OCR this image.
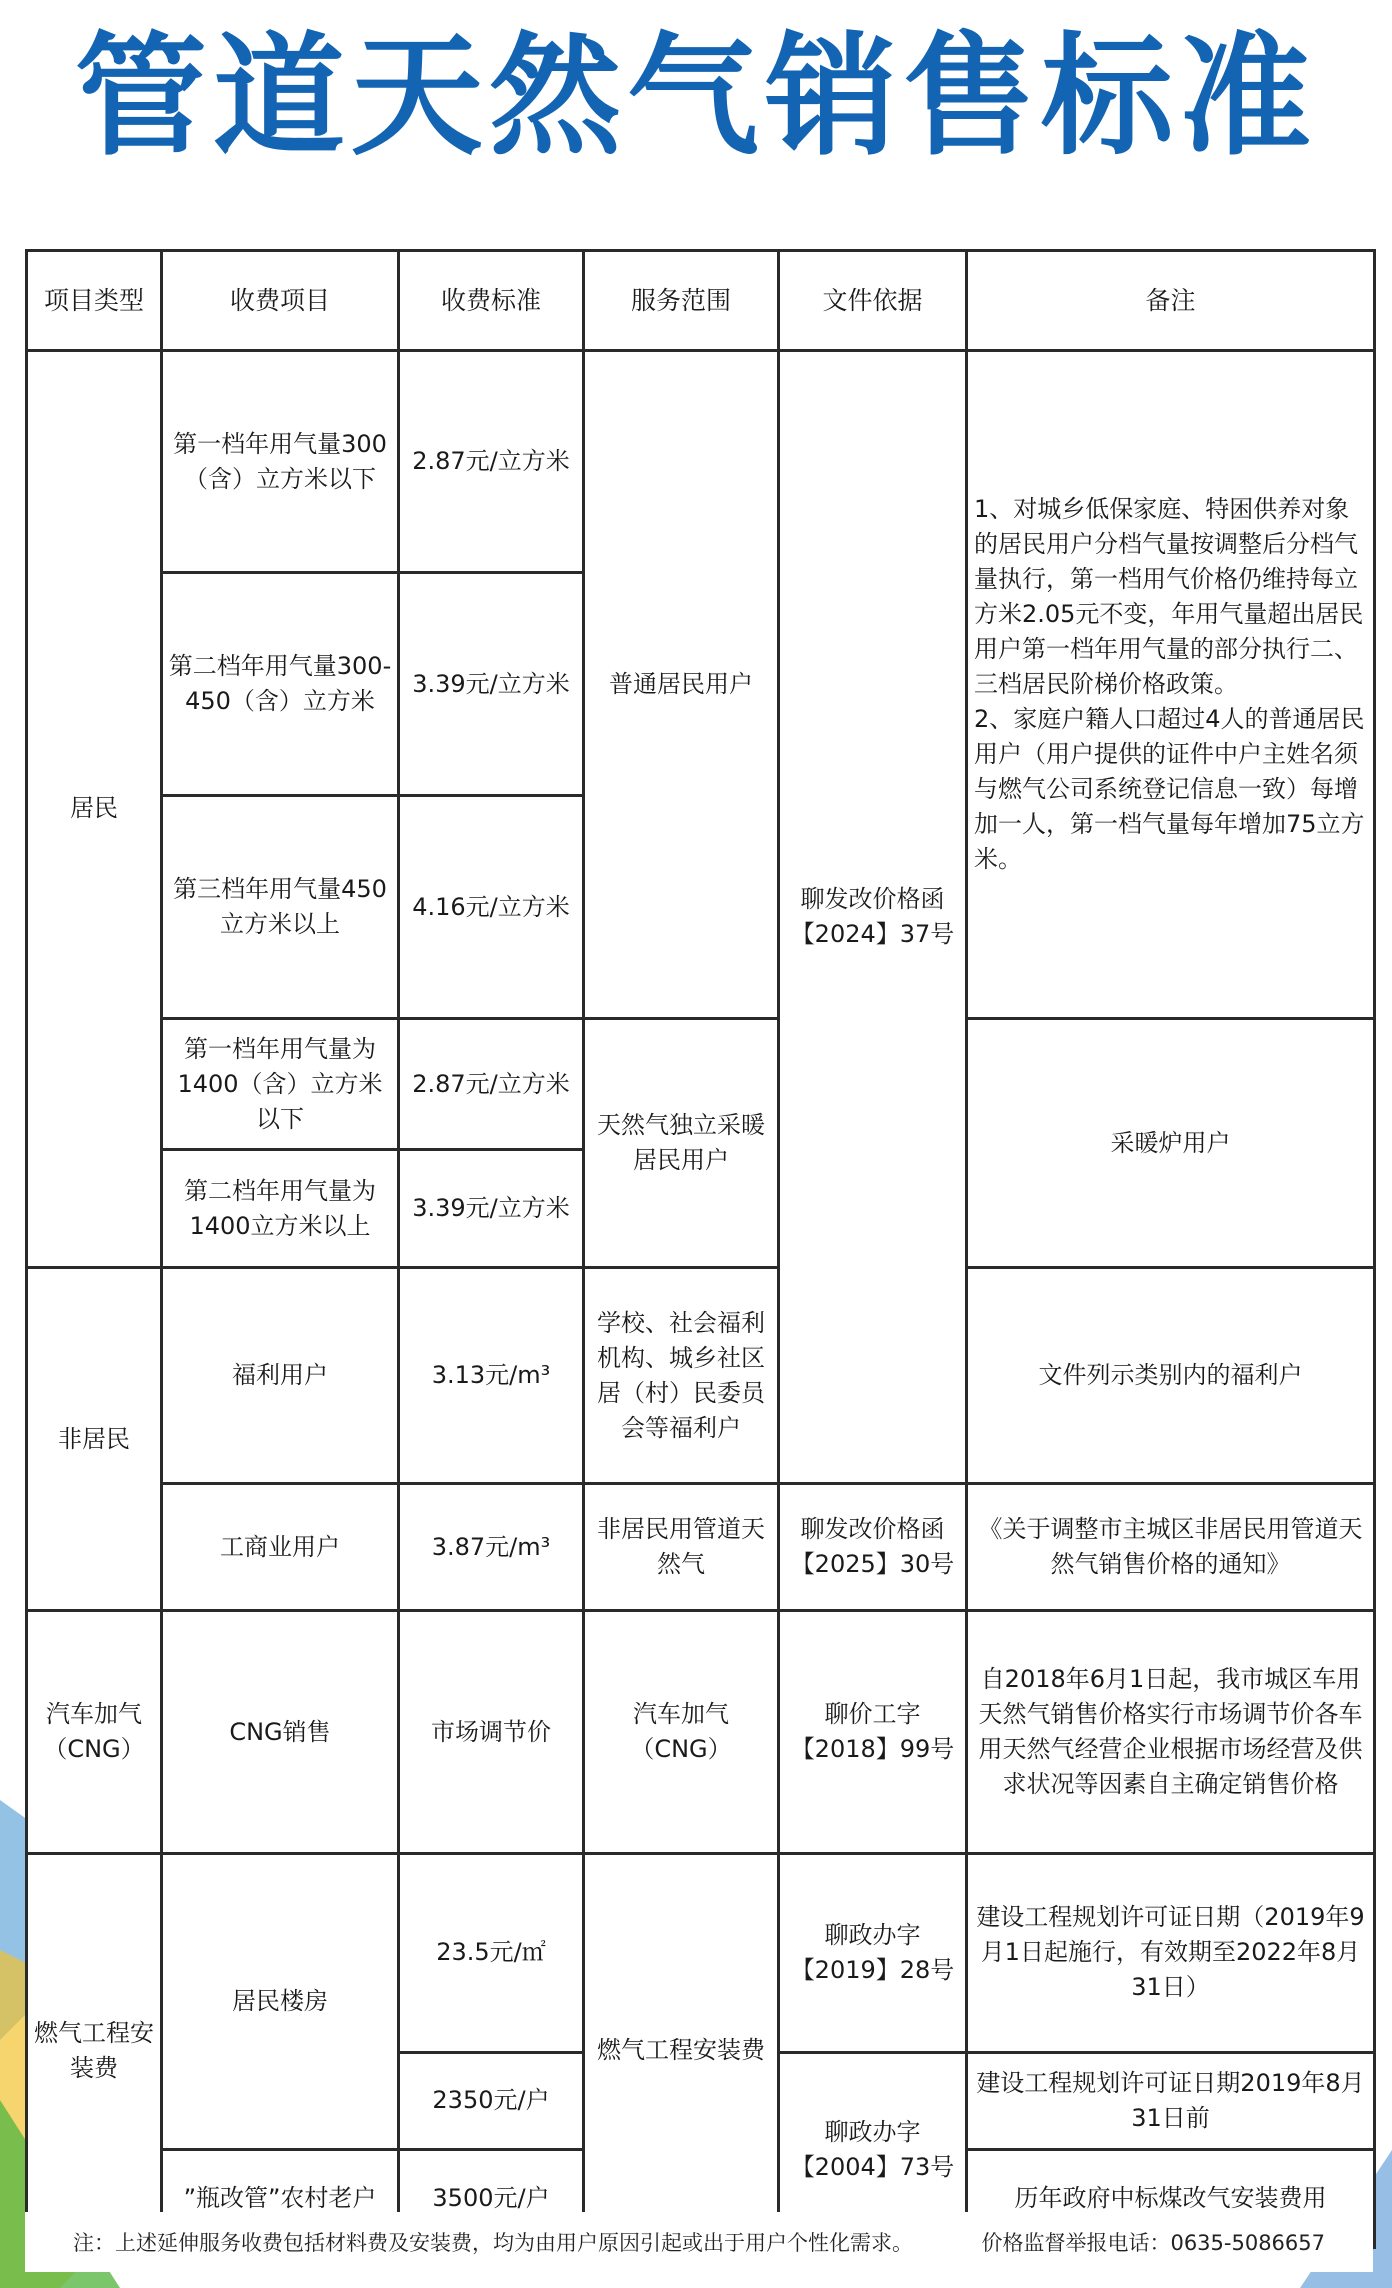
管道天然气销售标准
项目类型	收费项目	收费标准	服务范围	文件依据	备注
居民	第一档年用气量300（含）立方米以下	2.87元/立方米	普通居民用户	聊发改价格函【2024】37号	1、对城乡低保家庭、特困供养对象的居民用户分档气量按调整后分档气量执行，第一档用气价格仍维持每立方米2.05元不变，年用气量超出居民用户第一档年用气量的部分执行二、三档居民阶梯价格政策。
2、家庭户籍人口超过4人的普通居民用户（用户提供的证件中户主姓名须与燃气公司系统登记信息一致）每增加一人，第一档气量每年增加75立方米。

	第二档年用气量300-450（含）立方米	3.39元/立方米			
	第三档年用气量450立方米以上	4.16元/立方米			
	第一档年用气量为1400（含）立方米以下	2.87元/立方米	天然气独立采暖居民用户		采暖炉用户
	第二档年用气量为1400立方米以上	3.39元/立方米			
非居民	福利用户	3.13元/m³	学校、社会福利机构、城乡社区居（村）民委员会等福利户		文件列示类别内的福利户
	工商业用户	3.87元/m³	非居民用管道天然气	聊发改价格函【2025】30号	《关于调整市主城区非居民用管道天然气销售价格的通知》
汽车加气（CNG）	CNG销售	市场调节价	汽车加气（CNG）	聊价工字【2018】99号	自2018年6月1日起，我市城区车用天然气销售价格实行市场调节价各车用天然气经营企业根据市场经营及供求状况等因素自主确定销售价格
燃气工程安装费	居民楼房	23.5元/㎡	燃气工程安装费	聊政办字【2019】28号	建设工程规划许可证日期（2019年9月1日起施行，有效期至2022年8月31日）
		2350元/户		聊政办字【2004】73号	建设工程规划许可证日期2019年8月31日前
	”瓶改管”农村老户	3500元/户			历年政府中标煤改气安装费用
注：上述延伸服务收费包括材料费及安装费，均为由用户原因引起或出于用户个性化需求。	价格监督举报电话：0635-5086657
